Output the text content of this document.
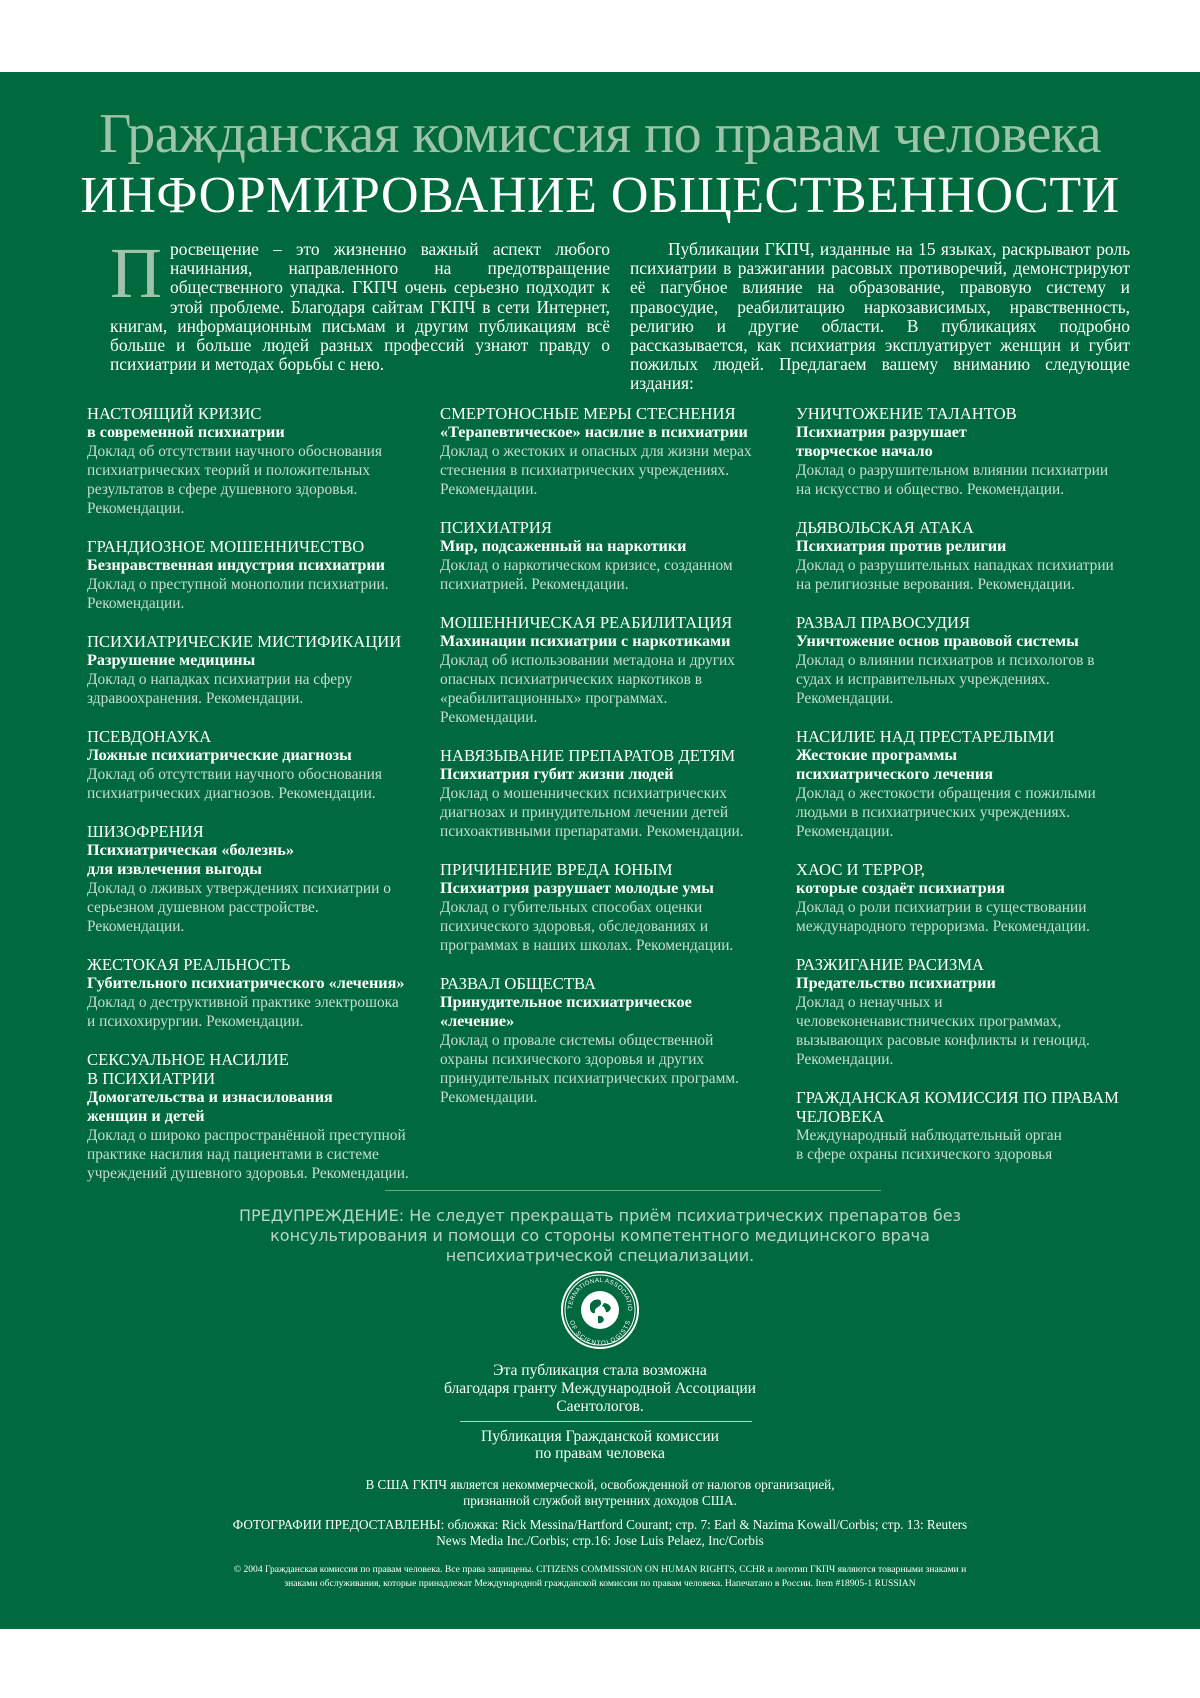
Гражданская комиссия по правам человека
ИНФОРМИРОВАНИЕ ОБЩЕСТВЕННОСТИ
Просвещение – это жизненно важный аспект любого начинания, направленного на предотвращение общественного упадка. ГКПЧ очень серьезно подходит к этой проблеме. Благодаря сайтам ГКПЧ в сети Интернет, книгам, информационным письмам и другим публикациям всё больше и больше людей разных профессий узнают правду о психиатрии и методах борьбы с нею.
Публикации ГКПЧ, изданные на 15 языках, раскрывают роль психиатрии в разжигании расовых противоречий, демонстрируют её пагубное влияние на образование, правовую систему и правосудие, реабилитацию наркозависимых, нравственность, религию и другие области. В публикациях подробно рассказывается, как психиатрия эксплуатирует женщин и губит пожилых людей. Предлагаем вашему вниманию следующие издания:
НАСТОЯЩИЙ КРИЗИС
в современной психиатрии
Доклад об отсутствии научного обоснования
психиатрических теорий и положительных
результатов в сфере душевного здоровья.
Рекомендации.
ГРАНДИОЗНОЕ МОШЕННИЧЕСТВО
Безнравственная индустрия психиатрии
Доклад о преступной монополии психиатрии.
Рекомендации.
ПСИХИАТРИЧЕСКИЕ МИСТИФИКАЦИИ
Разрушение медицины
Доклад о нападках психиатрии на сферу
здравоохранения. Рекомендации.
ПСЕВДОНАУКА
Ложные психиатрические диагнозы
Доклад об отсутствии научного обоснования
психиатрических диагнозов. Рекомендации.
ШИЗОФРЕНИЯ
Психиатрическая «болезнь»
для извлечения выгоды
Доклад о лживых утверждениях психиатрии о
серьезном душевном расстройстве.
Рекомендации.
ЖЕСТОКАЯ РЕАЛЬНОСТЬ
Губительного психиатрического «лечения»
Доклад о деструктивной практике электрошока
и психохирургии. Рекомендации.
СЕКСУАЛЬНОЕ НАСИЛИЕ
В ПСИХИАТРИИ
Домогательства и изнасилования
женщин и детей
Доклад о широко распространённой преступной
практике насилия над пациентами в системе
учреждений душевного здоровья. Рекомендации.
СМЕРТОНОСНЫЕ МЕРЫ СТЕСНЕНИЯ
«Терапевтическое» насилие в психиатрии
Доклад о жестоких и опасных для жизни мерах
стеснения в психиатрических учреждениях.
Рекомендации.
ПСИХИАТРИЯ
Мир, подсаженный на наркотики
Доклад о наркотическом кризисе, созданном
психиатрией. Рекомендации.
МОШЕННИЧЕСКАЯ РЕАБИЛИТАЦИЯ
Махинации психиатрии с наркотиками
Доклад об использовании метадона и других
опасных психиатрических наркотиков в
«реабилитационных» программах.
Рекомендации.
НАВЯЗЫВАНИЕ ПРЕПАРАТОВ ДЕТЯМ
Психиатрия губит жизни людей
Доклад о мошеннических психиатрических
диагнозах и принудительном лечении детей
психоактивными препаратами. Рекомендации.
ПРИЧИНЕНИЕ ВРЕДА ЮНЫМ
Психиатрия разрушает молодые умы
Доклад о губительных способах оценки
психического здоровья, обследованиях и
программах в наших школах. Рекомендации.
РАЗВАЛ ОБЩЕСТВА
Принудительное психиатрическое
«лечение»
Доклад о провале системы общественной
охраны психического здоровья и других
принудительных психиатрических программ.
Рекомендации.
УНИЧТОЖЕНИЕ ТАЛАНТОВ
Психиатрия разрушает
творческое начало
Доклад о разрушительном влиянии психиатрии
на искусство и общество. Рекомендации.
ДЬЯВОЛЬСКАЯ АТАКА
Психиатрия против религии
Доклад о разрушительных нападках психиатрии
на религиозные верования. Рекомендации.
РАЗВАЛ ПРАВОСУДИЯ
Уничтожение основ правовой системы
Доклад о влиянии психиатров и психологов в
судах и исправительных учреждениях.
Рекомендации.
НАСИЛИЕ НАД ПРЕСТАРЕЛЫМИ
Жестокие программы
психиатрического лечения
Доклад о жестокости обращения с пожилыми
людьми в психиатрических учреждениях.
Рекомендации.
ХАОС И ТЕРРОР,
которые создаёт психиатрия
Доклад о роли психиатрии в существовании
международного терроризма. Рекомендации.
РАЗЖИГАНИЕ РАСИЗМА
Предательство психиатрии
Доклад о ненаучных и
человеконенавистнических программах,
вызывающих расовые конфликты и геноцид.
Рекомендации.
ГРАЖДАНСКАЯ КОМИССИЯ ПО ПРАВАМ
ЧЕЛОВЕКА
Международный наблюдательный орган
в сфере охраны психического здоровья
ПРЕДУПРЕЖДЕНИЕ: Не следует прекращать приём психиатрических препаратов без
консультирования и помощи со стороны компетентного медицинского врача
непсихиатрической специализации.
TERNATIONAL ASSOCIATIO
OF SCIENTOLOGISTS
Эта публикация стала возможна
благодаря гранту Международной Ассоциации
Саентологов.
Публикация Гражданской комиссии
по правам человека
В США ГКПЧ является некоммерческой, освобожденной от налогов организацией,
признанной службой внутренних доходов США.
ФОТОГРАФИИ ПРЕДОСТАВЛЕНЫ: обложка: Rick Messina/Hartford Courant; стр. 7: Earl & Nazima Kowall/Corbis; стр. 13: Reuters
News Media Inc./Corbis; стр.16: Jose Luis Pelaez, Inc/Corbis
© 2004 Гражданская комиссия по правам человека. Все права защищены. CITIZENS COMMISSION ON HUMAN RIGHTS, CCHR и логотип ГКПЧ являются товарными знаками и
знаками обслуживания, которые принадлежат Международной гражданской комиссии по правам человека. Напечатано в России. Item #18905-1 RUSSIAN
